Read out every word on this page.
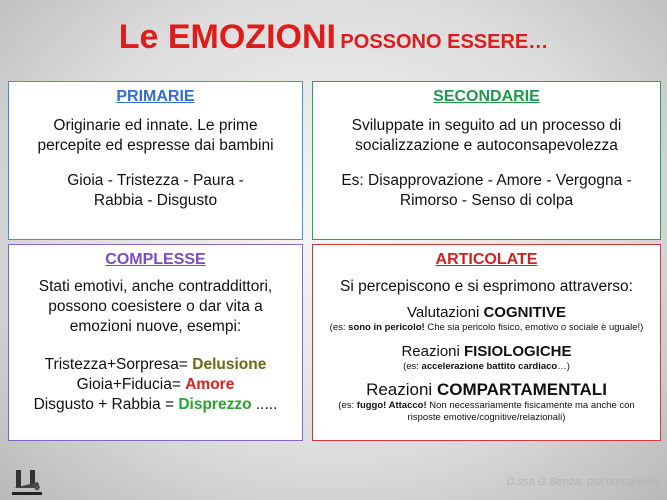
Le EMOZIONI POSSONO ESSERE…
PRIMARIE
Originarie ed innate. Le prime
percepite ed espresse dai bambini
Gioia - Tristezza - Paura -
Rabbia - Disgusto
SECONDARIE
Sviluppate in seguito ad un processo di
socializzazione e autoconsapevolezza
Es: Disapprovazione - Amore - Vergogna -
Rimorso - Senso di colpa
COMPLESSE
Stati emotivi, anche contraddittori,
possono coesistere o dar vita a
emozioni nuove, esempi:
Tristezza+Sorpresa= Delusione
Gioia+Fiducia= Amore
Disgusto + Rabbia = Disprezzo .....
ARTICOLATE
Si percepiscono e si esprimono attraverso:
Valutazioni COGNITIVE
(es: sono in pericolo! Che sia pericolo fisico, emotivo o sociale è uguale!)
Reazioni FISIOLOGICHE
(es: accelerazione battito cardiaco…)
Reazioni COMPARTAMENTALI
(es: fuggo! Attacco! Non necessariamente fisicamente ma anche con
risposte emotive/cognitive/relazionali)
D.ssa G.Benza, psicoterapeuta
